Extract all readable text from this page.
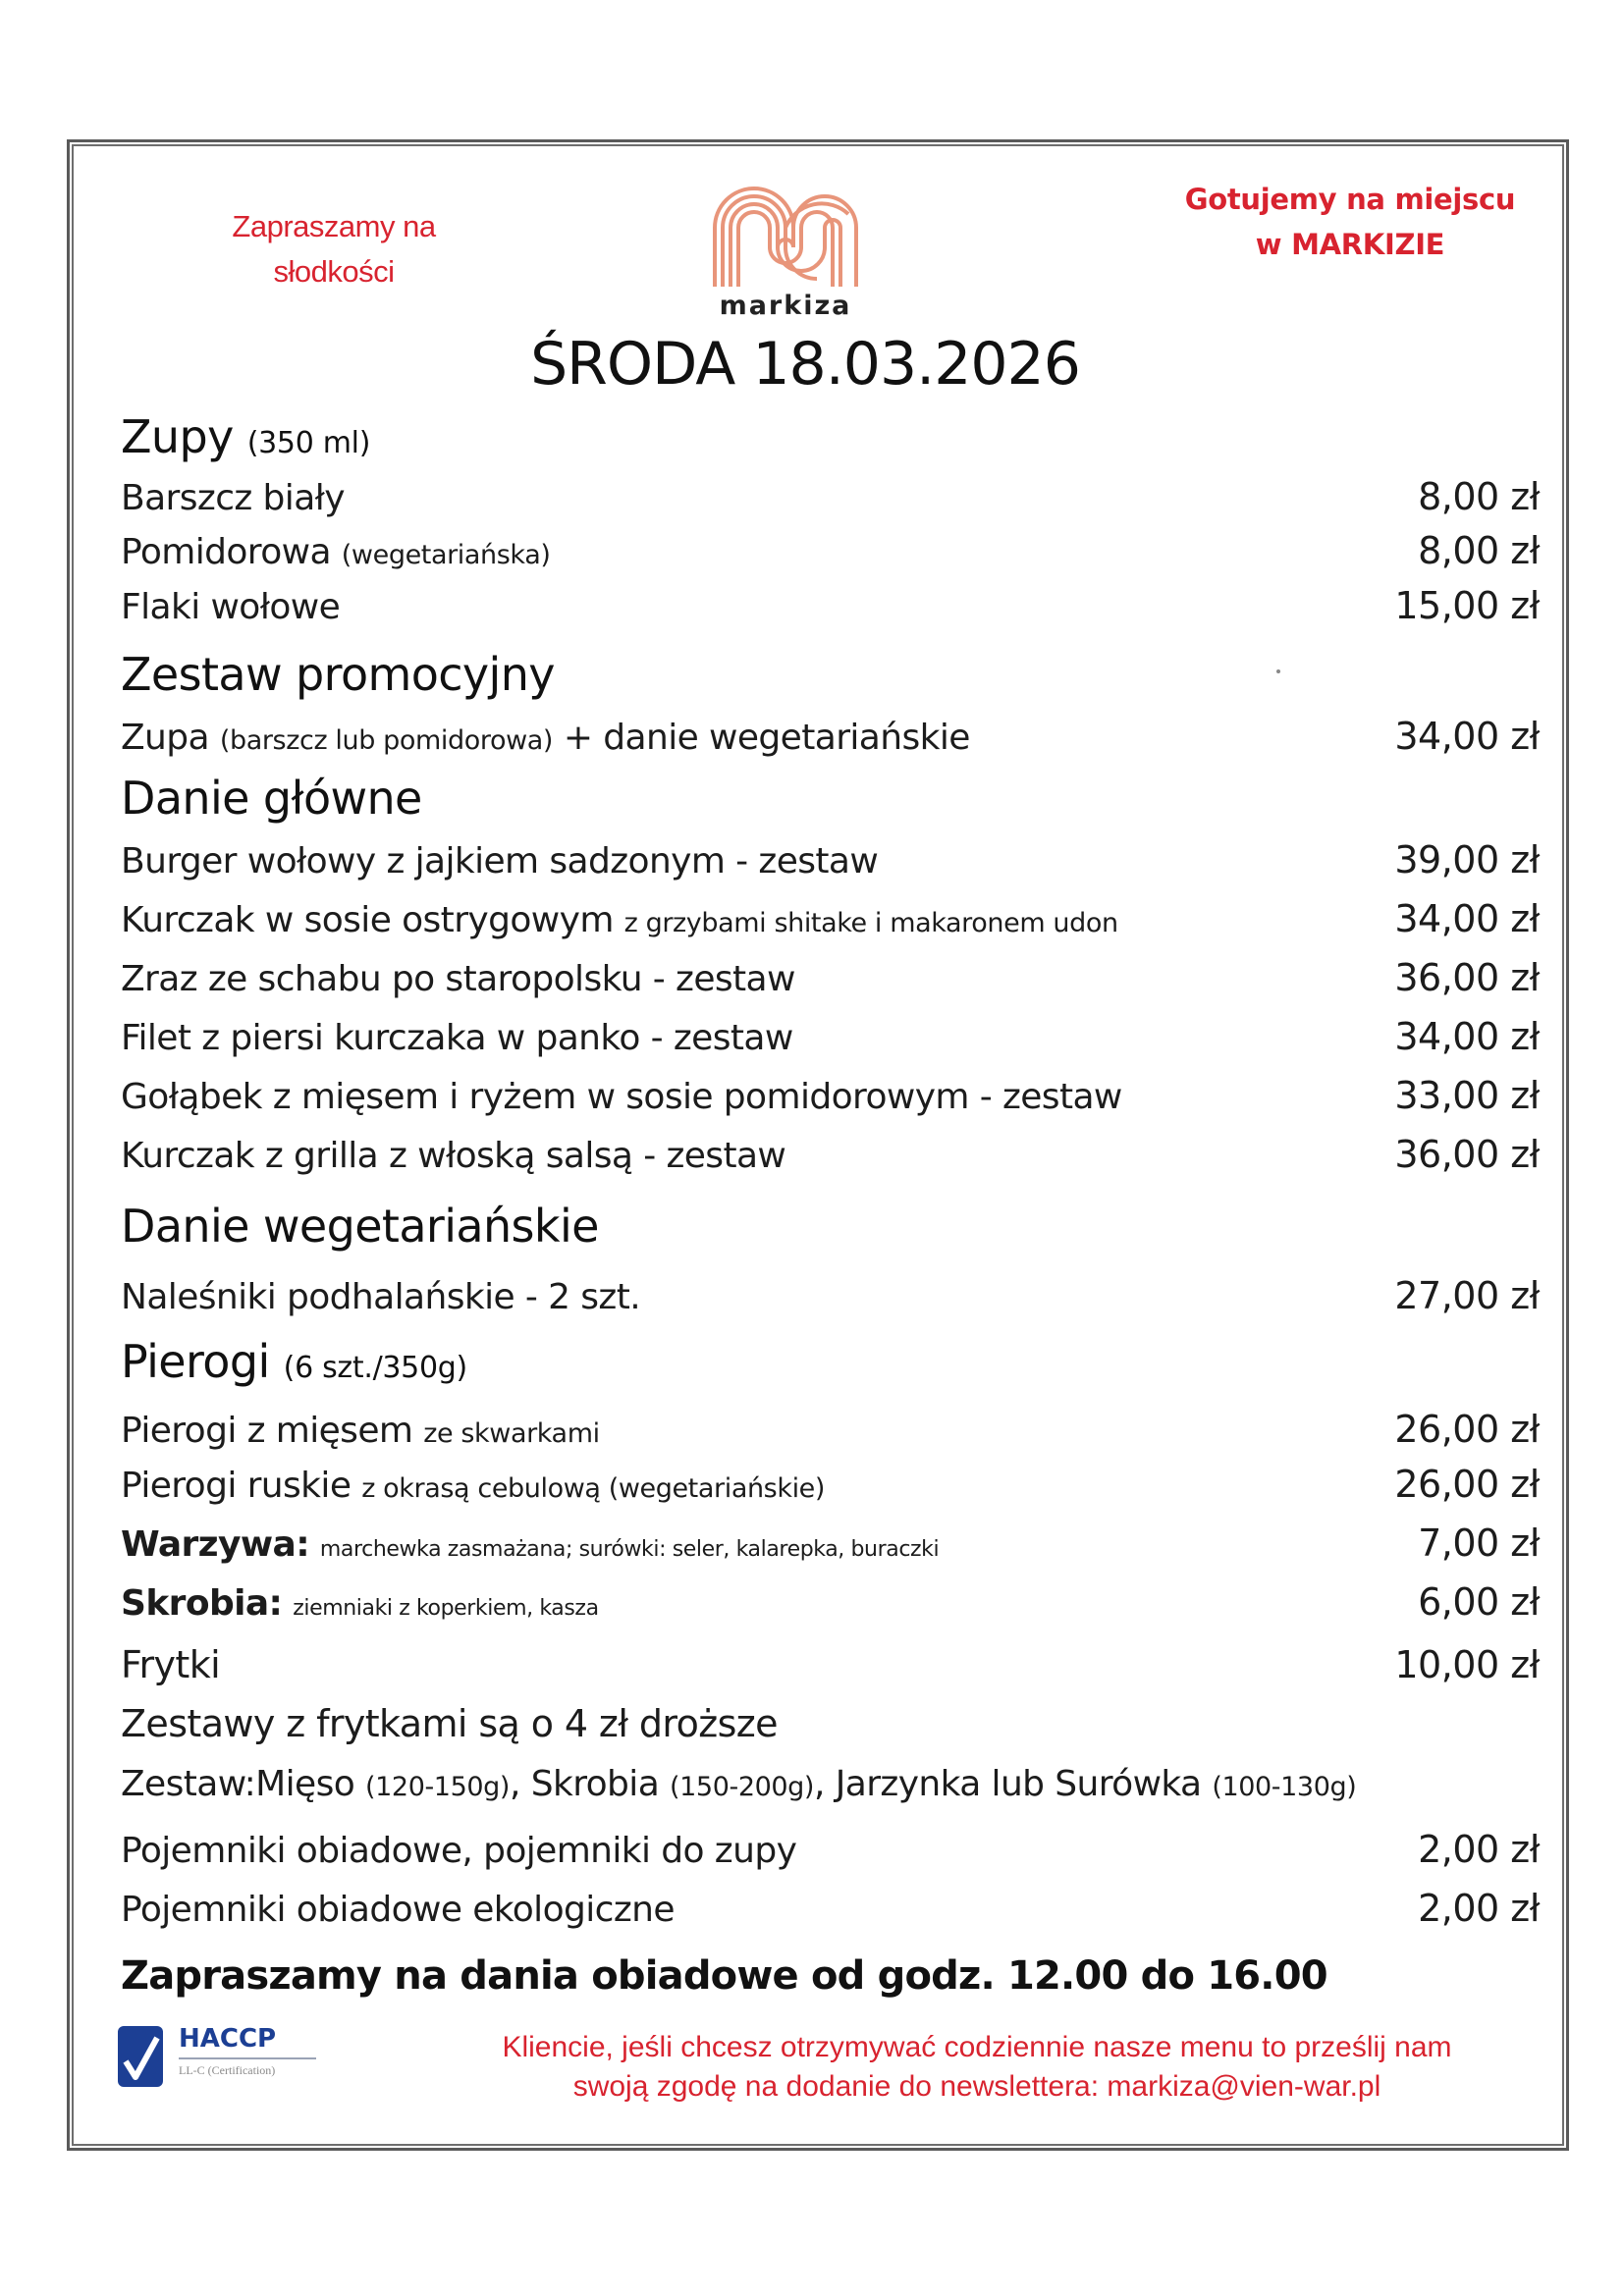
Zapraszamy na
słodkości
markiza
Gotujemy na miejscu
w MARKIZIE
ŚRODA 18.03.2026
Zupy (350 ml)
Barszcz biały	8,00 zł
Pomidorowa (wegetariańska)	8,00 zł
Flaki wołowe	15,00 zł
Zestaw promocyjny
Zupa (barszcz lub pomidorowa) + danie wegetariańskie	34,00 zł
Danie główne
Burger wołowy z jajkiem sadzonym - zestaw	39,00 zł
Kurczak w sosie ostrygowym z grzybami shitake i makaronem udon	34,00 zł
Zraz ze schabu po staropolsku - zestaw	36,00 zł
Filet z piersi kurczaka w panko - zestaw	34,00 zł
Gołąbek z mięsem i ryżem w sosie pomidorowym - zestaw	33,00 zł
Kurczak z grilla z włoską salsą - zestaw	36,00 zł
Danie wegetariańskie
Naleśniki podhalańskie - 2 szt.	27,00 zł
Pierogi (6 szt./350g)
Pierogi z mięsem ze skwarkami	26,00 zł
Pierogi ruskie z okrasą cebulową (wegetariańskie)	26,00 zł
Warzywa: marchewka zasmażana; surówki: seler, kalarepka, buraczki	7,00 zł
Skrobia: ziemniaki z koperkiem, kasza	6,00 zł
Frytki	10,00 zł
Zestawy z frytkami są o 4 zł droższe
Zestaw:Mięso (120-150g), Skrobia (150-200g), Jarzynka lub Surówka (100-130g)
Pojemniki obiadowe, pojemniki do zupy	2,00 zł
Pojemniki obiadowe ekologiczne	2,00 zł
Zapraszamy na dania obiadowe od godz. 12.00 do 16.00
HACCP
LL-C (Certification)
Kliencie, jeśli chcesz otrzymywać codziennie nasze menu to prześlij nam
swoją zgodę na dodanie do newslettera: markiza@vien-war.pl
